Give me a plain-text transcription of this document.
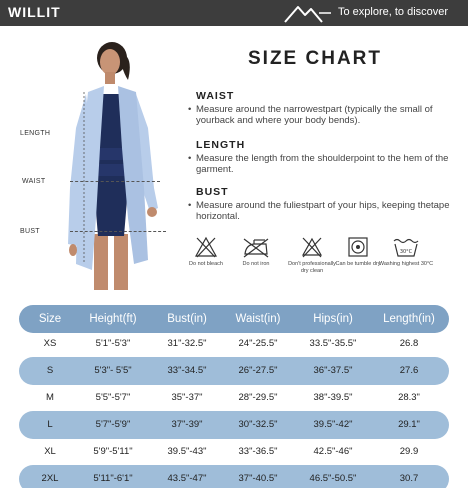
WILLIT	To explore, to discover
LENGTH
WAIST
BUST
SIZE CHART
WAIST

• Measure around the narrowestpart (typically the small of yourback and where your body bends).

LENGTH

• Measure the length from the shoulderpoint to the hem of the garment.

BUST

• Measure around the fuliestpart of your hips, keeping thetape horizontal.

Do not bleach	Do not iron	Don't professionally dry clean
Can be tumble dry
30°C
Washing highest 30°C
Size	Height(ft)	Bust(in)	Waist(in)	Hips(in)	Length(in)
XS	5'1"-5'3"	31"-32.5"	24"-25.5"	33.5"-35.5"	26.8
S	5'3"- 5'5"	33"-34.5"	26"-27.5"	36"-37.5"	27.6
M	5'5"-5'7"	35"-37"	28"-29.5"	38"-39.5"	28.3"
L	5'7"-5'9"	37"-39"	30"-32.5"	39.5"-42"	29.1"
XL	5'9"-5'11"	39.5"-43"	33"-36.5"	42.5"-46"	29.9
2XL	5'11"-6'1"	43.5"-47"	37"-40.5"	46.5"-50.5"	30.7
